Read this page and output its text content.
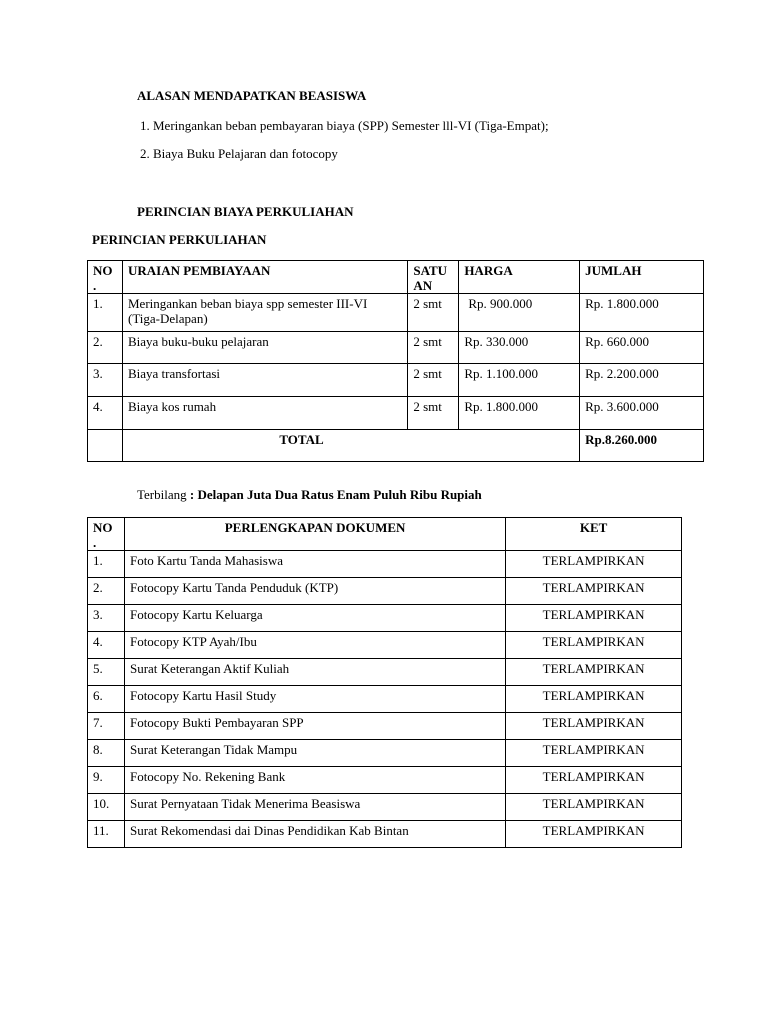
ALASAN MENDAPATKAN BEASISWA
1. Meringankan beban pembayaran biaya (SPP) Semester lll-VI (Tiga-Empat);
2. Biaya Buku Pelajaran dan fotocopy
PERINCIAN BIAYA PERKULIAHAN
PERINCIAN PERKULIAHAN
NO .	URAIAN PEMBIAYAAN	SATU AN	HARGA	JUMLAH
1.	Meringankan beban biaya spp semester III-VI (Tiga-Delapan)	2 smt	Rp. 900.000	Rp. 1.800.000
2.	Biaya buku-buku pelajaran	2 smt	Rp. 330.000	Rp. 660.000
3.	Biaya transfortasi	2 smt	Rp. 1.100.000	Rp. 2.200.000
4.	Biaya kos rumah	2 smt	Rp. 1.800.000	Rp. 3.600.000
	TOTAL			Rp.8.260.000
Terbilang : Delapan Juta Dua Ratus Enam Puluh Ribu Rupiah
NO .	PERLENGKAPAN DOKUMEN	KET
1.	Foto Kartu Tanda Mahasiswa	TERLAMPIRKAN
2.	Fotocopy Kartu Tanda Penduduk (KTP)	TERLAMPIRKAN
3.	Fotocopy Kartu Keluarga	TERLAMPIRKAN
4.	Fotocopy KTP Ayah/Ibu	TERLAMPIRKAN
5.	Surat Keterangan Aktif Kuliah	TERLAMPIRKAN
6.	Fotocopy Kartu Hasil Study	TERLAMPIRKAN
7.	Fotocopy Bukti Pembayaran SPP	TERLAMPIRKAN
8.	Surat Keterangan Tidak Mampu	TERLAMPIRKAN
9.	Fotocopy No. Rekening Bank	TERLAMPIRKAN
10.	Surat Pernyataan Tidak Menerima Beasiswa	TERLAMPIRKAN
11.	Surat Rekomendasi dai Dinas Pendidikan Kab Bintan	TERLAMPIRKAN
